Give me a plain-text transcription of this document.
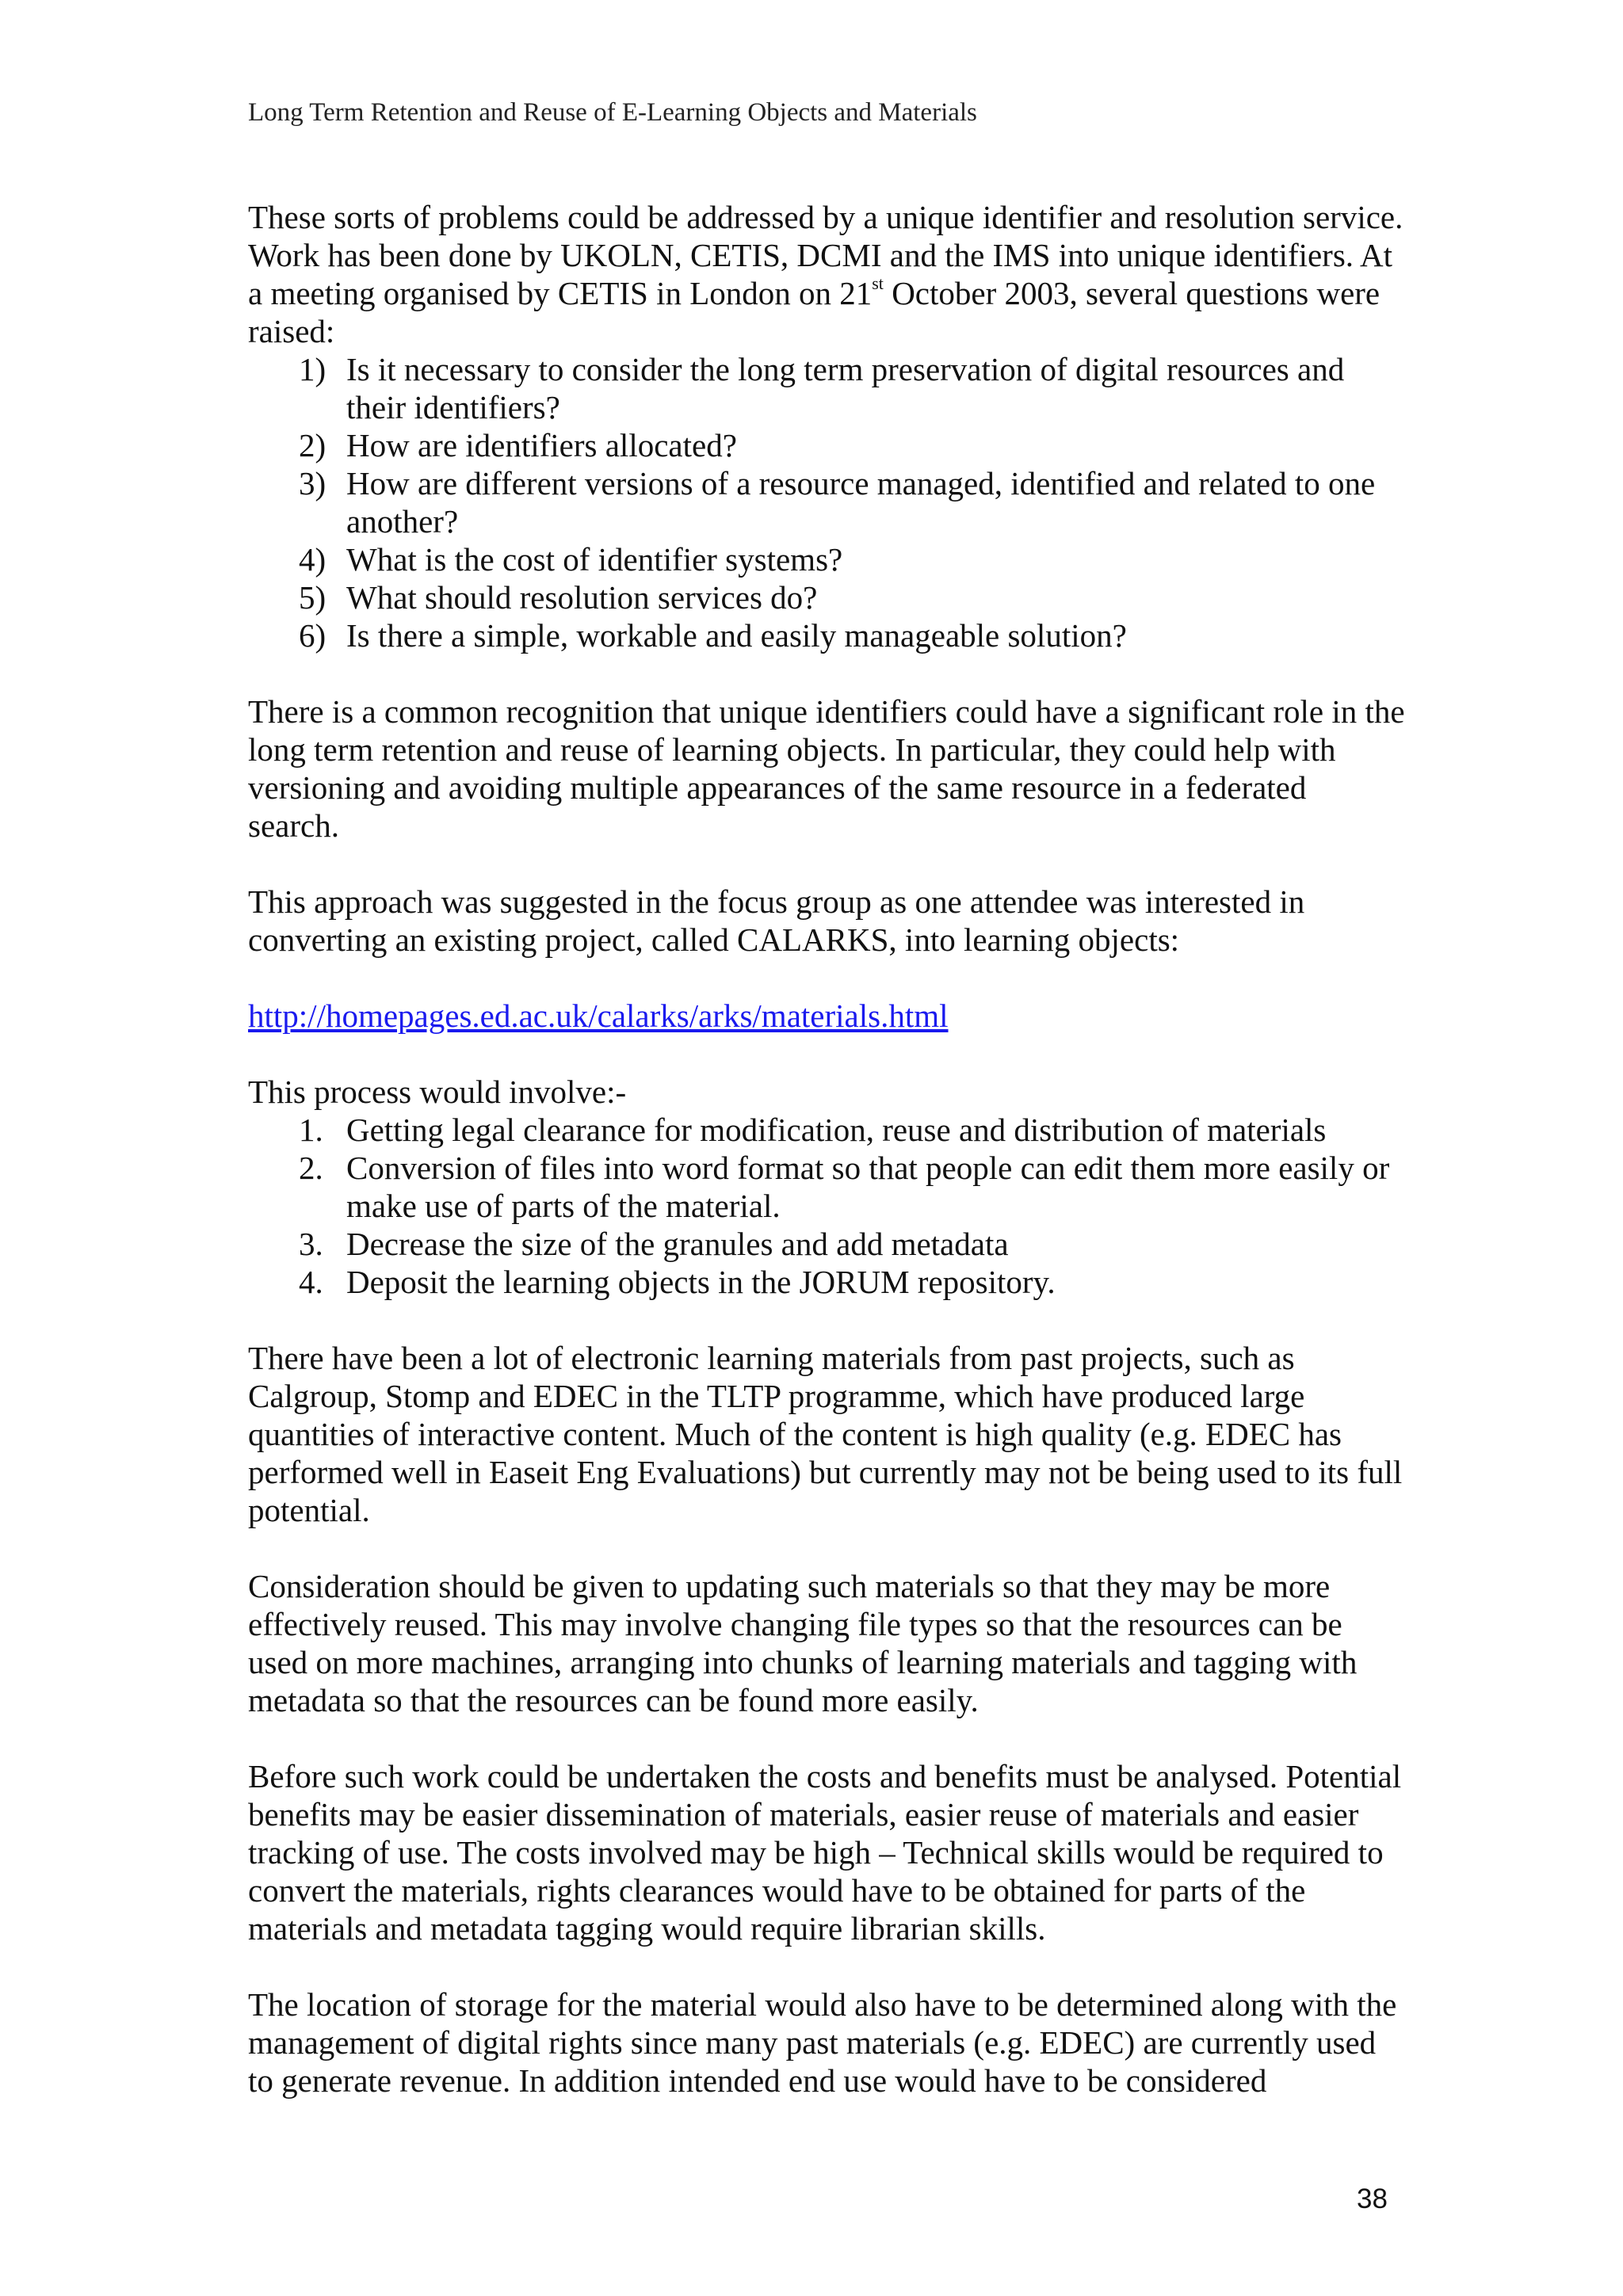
Long Term Retention and Reuse of E-Learning Objects and Materials

These sorts of problems could be addressed by a unique identifier and resolution service. Work has been done by UKOLN, CETIS, DCMI and the IMS into unique identifiers. At a meeting organised by CETIS in London on 21st October 2003, several questions were raised:

1) Is it necessary to consider the long term preservation of digital resources and their identifiers?
2) How are identifiers allocated?
3) How are different versions of a resource managed, identified and related to one another?
4) What is the cost of identifier systems?
5) What should resolution services do?
6) Is there a simple, workable and easily manageable solution?

There is a common recognition that unique identifiers could have a significant role in the long term retention and reuse of learning objects. In particular, they could help with versioning and avoiding multiple appearances of the same resource in a federated search.

This approach was suggested in the focus group as one attendee was interested in converting an existing project, called CALARKS, into learning objects:

http://homepages.ed.ac.uk/calarks/arks/materials.html

This process would involve:-

1. Getting legal clearance for modification, reuse and distribution of materials
2. Conversion of files into word format so that people can edit them more easily or make use of parts of the material.
3. Decrease the size of the granules and add metadata
4. Deposit the learning objects in the JORUM repository.

There have been a lot of electronic learning materials from past projects, such as Calgroup, Stomp and EDEC in the TLTP programme, which have produced large quantities of interactive content. Much of the content is high quality (e.g. EDEC has performed well in Easeit Eng Evaluations) but currently may not be being used to its full potential.

Consideration should be given to updating such materials so that they may be more effectively reused. This may involve changing file types so that the resources can be used on more machines, arranging into chunks of learning materials and tagging with metadata so that the resources can be found more easily.

Before such work could be undertaken the costs and benefits must be analysed. Potential benefits may be easier dissemination of materials, easier reuse of materials and easier tracking of use. The costs involved may be high – Technical skills would be required to convert the materials, rights clearances would have to be obtained for parts of the materials and metadata tagging would require librarian skills.

The location of storage for the material would also have to be determined along with the management of digital rights since many past materials (e.g. EDEC) are currently used to generate revenue. In addition intended end use would have to be considered

38
